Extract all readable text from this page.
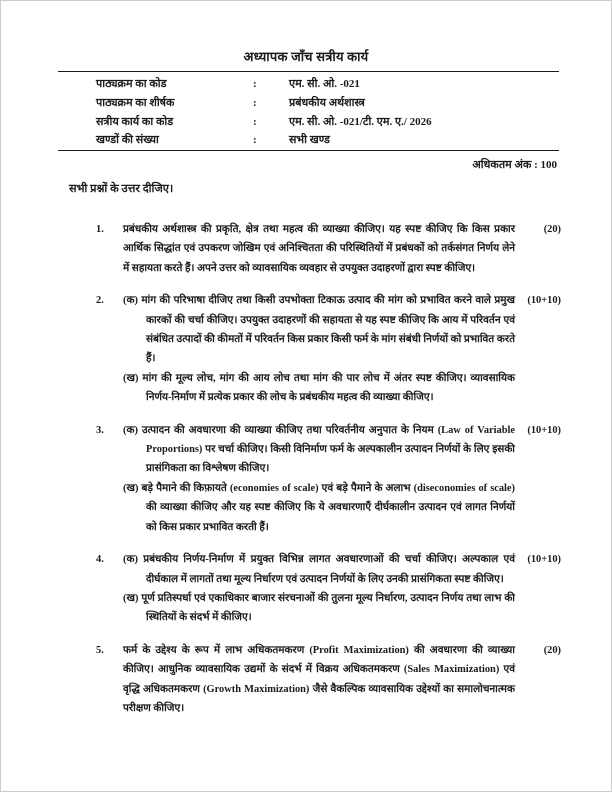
अध्यापक जाँच सत्रीय कार्य
पाठ्यक्रम का कोड	:	एम. सी. ओ. -021
पाठ्यक्रम का शीर्षक	:	प्रबंधकीय अर्थशास्त्र
सत्रीय कार्य का कोड	:	एम. सी. ओ. -021/टी. एम. ए./ 2026
खण्डों की संख्या	:	सभी खण्ड
अधिकतम अंक : 100
सभी प्रश्नों के उत्तर दीजिए।
1.	प्रबंधकीय अर्थशास्त्र की प्रकृति, क्षेत्र तथा महत्व की व्याख्या कीजिए। यह स्पष्ट कीजिए कि किस प्रकार आर्थिक सिद्धांत एवं उपकरण जोखिम एवं अनिश्चितता की परिस्थितियों में प्रबंधकों को तर्कसंगत निर्णय लेने में सहायता करते हैं। अपने उत्तर को व्यावसायिक व्यवहार से उपयुक्त उदाहरणों द्वारा स्पष्ट कीजिए।
(20)
2.	(क) मांग की परिभाषा दीजिए तथा किसी उपभोक्ता टिकाऊ उत्पाद की मांग को प्रभावित करने वाले प्रमुख कारकों की चर्चा कीजिए। उपयुक्त उदाहरणों की सहायता से यह स्पष्ट कीजिए कि आय में परिवर्तन एवं संबंधित उत्पादों की कीमतों में परिवर्तन किस प्रकार किसी फर्म के मांग संबंधी निर्णयों को प्रभावित करते हैं।
(ख) मांग की मूल्य लोच, मांग की आय लोच तथा मांग की पार लोच में अंतर स्पष्ट कीजिए। व्यावसायिक निर्णय-निर्माण में प्रत्येक प्रकार की लोच के प्रबंधकीय महत्व की व्याख्या कीजिए।
(10+10)
3.	(क) उत्पादन की अवधारणा की व्याख्या कीजिए तथा परिवर्तनीय अनुपात के नियम (Law of Variable Proportions) पर चर्चा कीजिए। किसी विनिर्माण फर्म के अल्पकालीन उत्पादन निर्णयों के लिए इसकी प्रासंगिकता का विश्लेषण कीजिए।
(ख) बड़े पैमाने की किफ़ायते (economies of scale) एवं बड़े पैमाने के अलाभ (diseconomies of scale) की व्याख्या कीजिए और यह स्पष्ट कीजिए कि ये अवधारणाएँ दीर्घकालीन उत्पादन एवं लागत निर्णयों को किस प्रकार प्रभावित करती हैं।
(10+10)
4.	(क) प्रबंधकीय निर्णय-निर्माण में प्रयुक्त विभिन्न लागत अवधारणाओं की चर्चा कीजिए। अल्पकाल एवं दीर्घकाल में लागतों तथा मूल्य निर्धारण एवं उत्पादन निर्णयों के लिए उनकी प्रासंगिकता स्पष्ट कीजिए।
(ख) पूर्ण प्रतिस्पर्धा एवं एकाधिकार बाजार संरचनाओं की तुलना मूल्य निर्धारण, उत्पादन निर्णय तथा लाभ की स्थितियों के संदर्भ में कीजिए।
(10+10)
5.	फर्म के उद्देश्य के रूप में लाभ अधिकतमकरण (Profit Maximization) की अवधारणा की व्याख्या कीजिए। आधुनिक व्यावसायिक उद्यमों के संदर्भ में विक्रय अधिकतमकरण (Sales Maximization) एवं वृद्धि अधिकतमकरण (Growth Maximization) जैसे वैकल्पिक व्यावसायिक उद्देश्यों का समालोचनात्मक परीक्षण कीजिए।
(20)
